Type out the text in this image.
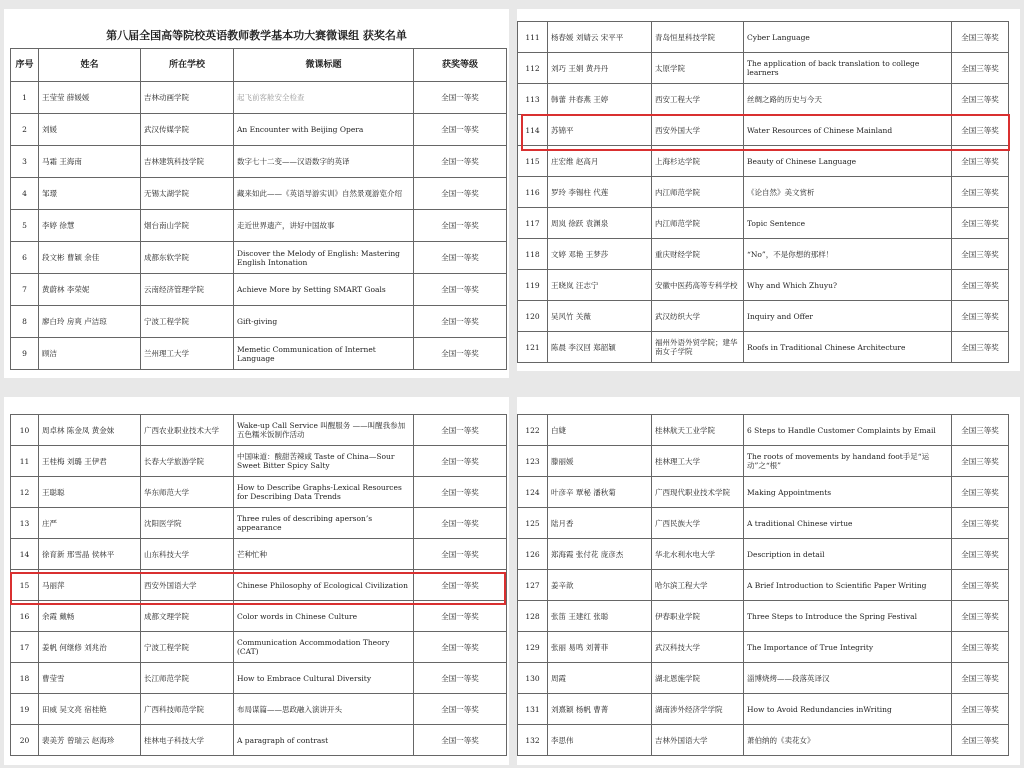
第八届全国高等院校英语教师教学基本功大赛微课组 获奖名单
序号	姓名	所在学校	微课标题	获奖等级
1	王莹莹 薛媛媛	吉林动画学院	起飞前客舱安全检查	全国一等奖
2	刘媛	武汉传媒学院	An Encounter with Beijing Opera	全国一等奖
3	马霜 王海南	吉林建筑科技学院	数字七十二变——汉语数字的英译	全国一等奖
4	邹璟	无锡太湖学院	藏来如此——《英语导游实训》自然景观游览介绍	全国一等奖
5	李婷 徐慧	烟台南山学院	走近世界遗产，讲好中国故事	全国一等奖
6	段文彬 曹颖 余佳	成都东软学院	Discover the Melody of English: Mastering English Intonation	全国一等奖
7	黄蔚林 李荣妮	云南经济管理学院	Achieve More by Setting SMART Goals	全国一等奖
8	廖白玲 房爽 卢洁琼	宁波工程学院	Gift-giving	全国一等奖
9	顾洁	兰州理工大学	Memetic Communication of Internet Language	全国一等奖
111	杨春媛 刘婧云 宋平平	青岛恒星科技学院	Cyber Language	全国三等奖
112	刘巧 王娟 黄丹丹	太原学院	The application of back translation to college learners	全国三等奖
113	韩蕾 井春燕 王婷	西安工程大学	丝绸之路的历史与今天	全国三等奖
114	苏锦平	西安外国大学	Water Resources of Chinese Mainland	全国三等奖
115	庄宏维 赵高月	上海杉达学院	Beauty of Chinese Language	全国三等奖
116	罗玲 李锡柱 代莲	内江师范学院	《论自然》美文赏析	全国三等奖
117	周岚 徐跃 袁渊泉	内江师范学院	Topic Sentence	全国三等奖
118	文婷 邓艳 王梦莎	重庆财经学院	“No”，不是你想的那样！	全国三等奖
119	王晓岚 汪志宁	安徽中医药高等专科学校	Why and Which Zhuyu?	全国三等奖
120	吴风竹 关薇	武汉纺织大学	Inquiry and Offer	全国三等奖
121	陈晨 李汉回 郑韶颖	福州外语外贸学院；建华南女子学院	Roofs in Traditional Chinese Architecture	全国三等奖
10	周卓林 陈金凤 黄金妹	广西农业职业技术大学	Wake-up Call Service 叫醒服务 ——叫醒我参加五色糯米饭制作活动	全国一等奖
11	王桂梅 刘璐 王伊君	长春大学旅游学院	中国味道：酸甜苦辣咸 Taste of China—Sour Sweet Bitter Spicy Salty	全国一等奖
12	王聪聪	华东师范大学	How to Describe Graphs-Lexical Resources for Describing Data Trends	全国一等奖
13	庄严	沈阳医学院	Three rules of describing aperson’s appearance	全国一等奖
14	徐育新 邢雪晶 侯林平	山东科技大学	芒种忙种	全国一等奖
15	马丽萍	西安外国语大学	Chinese Philosophy of Ecological Civilization	全国一等奖
16	余霞 戴畅	成都文理学院	Color words in Chinese Culture	全国一等奖
17	姜帆 何继修 刘兆治	宁波工程学院	Communication Accommodation Theory (CAT)	全国一等奖
18	曹莹雪	长江师范学院	How to Embrace Cultural Diversity	全国一等奖
19	田威 吴文亮 宿桂艳	广西科技师范学院	布局谋篇——思政融入演讲开头	全国一等奖
20	裴美芳 曾瑞云 赵海珍	桂林电子科技大学	A paragraph of contrast	全国一等奖
122	白婕	桂林航天工业学院	6 Steps to Handle Customer Complaints by Email	全国三等奖
123	滕丽媛	桂林理工大学	The roots of movements by handand foot手足“运动”之“根”	全国三等奖
124	叶彦辛 覃秘 潘秋菊	广西现代职业技术学院	Making Appointments	全国三等奖
125	陆月香	广西民族大学	A traditional Chinese virtue	全国三等奖
126	郑海霞 张付花 庞彦杰	华北水利水电大学	Description in detail	全国三等奖
127	姜辛歆	哈尔滨工程大学	A Brief Introduction to Scientific Paper Writing	全国三等奖
128	张笛 王建红 张聪	伊春职业学院	Three Steps to Introduce the Spring Festival	全国三等奖
129	张丽 易鸣 刘菁菲	武汉科技大学	The Importance of True Integrity	全国三等奖
130	周霞	湖北恩施学院	淄博烧烤——段落英译汉	全国三等奖
131	刘熹颖 杨帆 曹菁	湖南涉外经济学学院	How to Avoid Redundancies inWriting	全国三等奖
132	李思伟	吉林外国语大学	萧伯纳的《卖花女》	全国三等奖
